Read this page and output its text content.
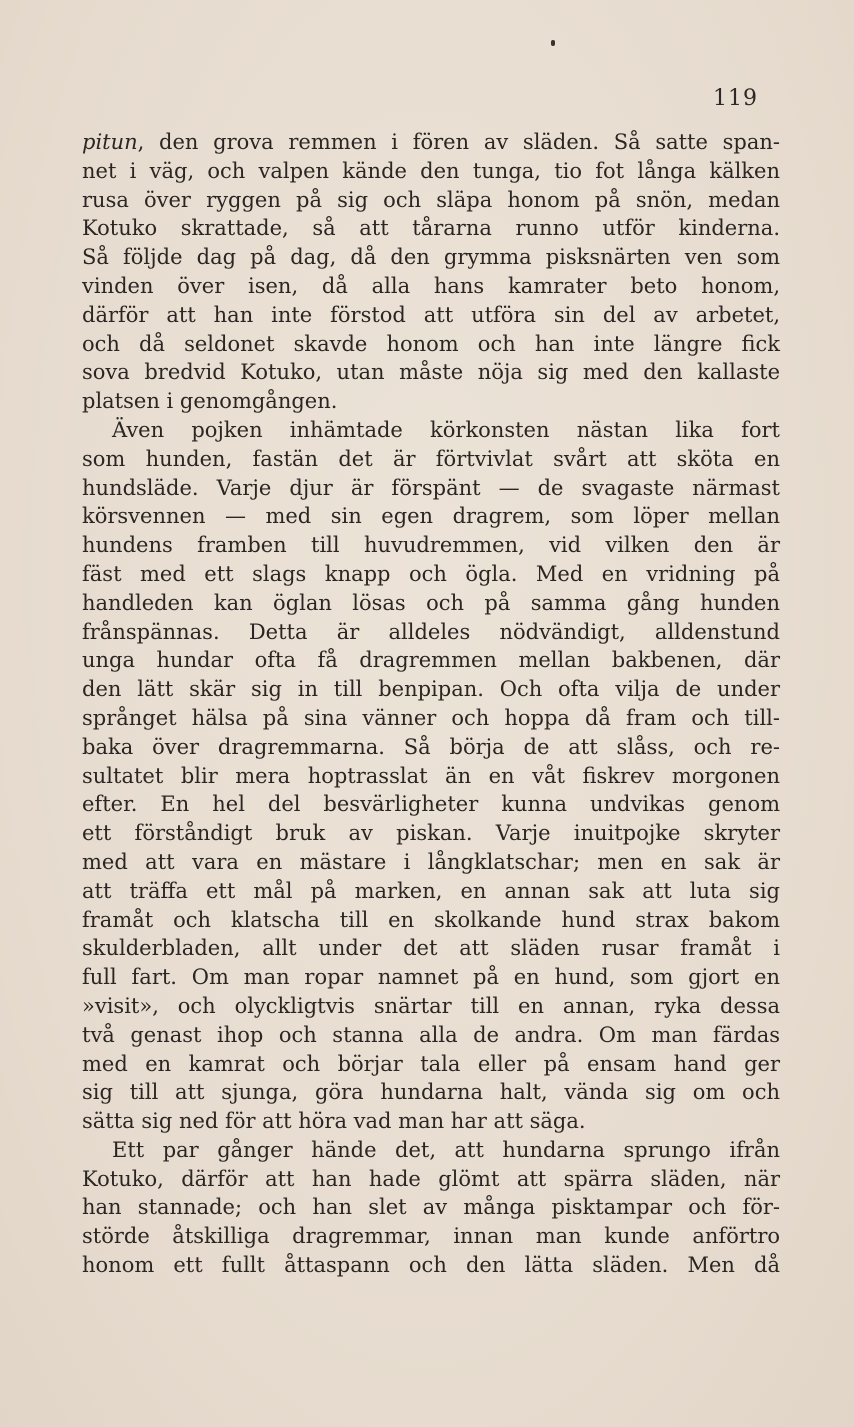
119
pitun, den grova remmen i fören av släden. Så satte span-
net i väg, och valpen kände den tunga, tio fot långa kälken
rusa över ryggen på sig och släpa honom på snön, medan
Kotuko skrattade, så att tårarna runno utför kinderna.
Så följde dag på dag, då den grymma pisksnärten ven som
vinden över isen, då alla hans kamrater beto honom,
därför att han inte förstod att utföra sin del av arbetet,
och då seldonet skavde honom och han inte längre fick
sova bredvid Kotuko, utan måste nöja sig med den kallaste
platsen i genomgången.
Även pojken inhämtade körkonsten nästan lika fort
som hunden, fastän det är förtvivlat svårt att sköta en
hundsläde. Varje djur är förspänt — de svagaste närmast
körsvennen — med sin egen dragrem, som löper mellan
hundens framben till huvudremmen, vid vilken den är
fäst med ett slags knapp och ögla. Med en vridning på
handleden kan öglan lösas och på samma gång hunden
frånspännas. Detta är alldeles nödvändigt, alldenstund
unga hundar ofta få dragremmen mellan bakbenen, där
den lätt skär sig in till benpipan. Och ofta vilja de under
språnget hälsa på sina vänner och hoppa då fram och till-
baka över dragremmarna. Så börja de att slåss, och re-
sultatet blir mera hoptrasslat än en våt fiskrev morgonen
efter. En hel del besvärligheter kunna undvikas genom
ett förståndigt bruk av piskan. Varje inuitpojke skryter
med att vara en mästare i långklatschar; men en sak är
att träffa ett mål på marken, en annan sak att luta sig
framåt och klatscha till en skolkande hund strax bakom
skulderbladen, allt under det att släden rusar framåt i
full fart. Om man ropar namnet på en hund, som gjort en
»visit», och olyckligtvis snärtar till en annan, ryka dessa
två genast ihop och stanna alla de andra. Om man färdas
med en kamrat och börjar tala eller på ensam hand ger
sig till att sjunga, göra hundarna halt, vända sig om och
sätta sig ned för att höra vad man har att säga.
Ett par gånger hände det, att hundarna sprungo ifrån
Kotuko, därför att han hade glömt att spärra släden, när
han stannade; och han slet av många pisktampar och för-
störde åtskilliga dragremmar, innan man kunde anförtro
honom ett fullt åttaspann och den lätta släden. Men då
